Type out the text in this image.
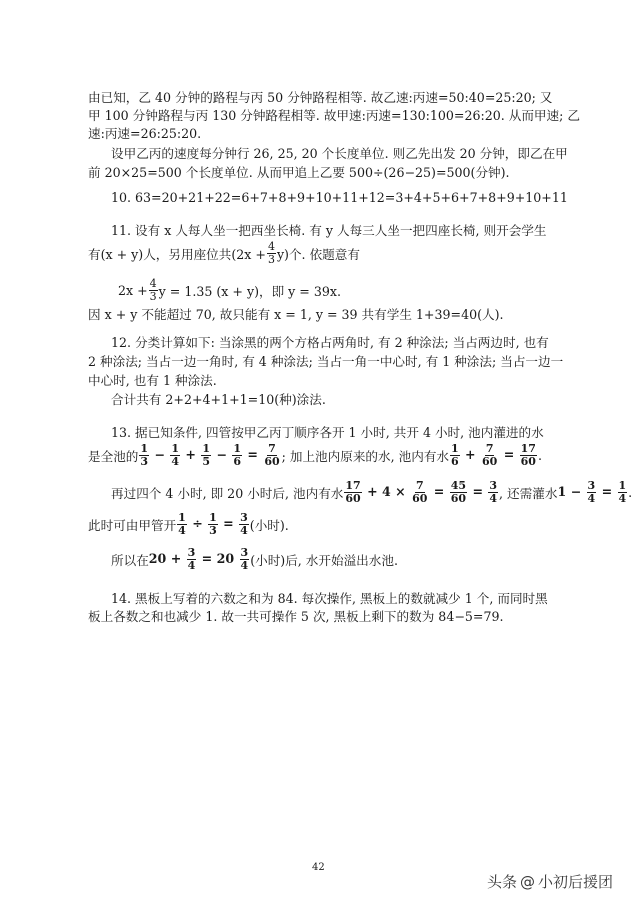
由已知，乙 40 分钟的路程与丙 50 分钟路程相等. 故乙速:丙速=50:40=25:20; 又
甲 100 分钟路程与丙 130 分钟路程相等. 故甲速:丙速=130:100=26:20. 从而甲速; 乙
速:丙速=26:25:20.
设甲乙丙的速度每分钟行 26, 25, 20 个长度单位. 则乙先出发 20 分钟，即乙在甲
前 20×25=500 个长度单位. 从而甲追上乙要 500÷(26−25)=500(分钟).
10. 63=20+21+22=6+7+8+9+10+11+12=3+4+5+6+7+8+9+10+11
11. 设有 x 人每人坐一把西坐长椅. 有 y 人每三人坐一把四座长椅, 则开会学生
有(x + y)人，另用座位共$(2x + \frac{4}{3} y)$个. 依题意有
$2x + \frac{4}{3}$ y = 1.35 (x + y)，即 y = 39x.
因 x + y 不能超过 70, 故只能有 x = 1, y = 39 共有学生 1+39=40(人).
12. 分类计算如下: 当涂黑的两个方格占两角时, 有 2 种涂法; 当占两边时, 也有
2 种涂法; 当占一边一角时, 有 4 种涂法; 当占一角一中心时, 有 1 种涂法; 当占一边一
中心时, 也有 1 种涂法.
合计共有 2+2+4+1+1=10(种)涂法.
13. 据已知条件, 四管按甲乙丙丁顺序各开 1 小时, 共开 4 小时, 池内灌进的水
是全池的 $\frac{1}{3} - \frac{1}{4} + \frac{1}{5} - \frac{1}{6} = \frac{7}{60}$ ; 加上池内原来的水, 池内有水 $\frac{1}{6} + \frac{7}{60} = \frac{17}{60}$ .
再过四个 4 小时, 即 20 小时后, 池内有水 $\frac{17}{60} + 4 \times \frac{7}{60} = \frac{45}{60} = \frac{3}{4}$ , 还需灌水 $1 - \frac{3}{4} = \frac{1}{4}$ .
此时可由甲管开 $\frac{1}{4} \div \frac{1}{3} = \frac{3}{4}$ (小时).
所以在 $20 + \frac{3}{4} = 20 \frac{3}{4}$ (小时)后, 水开始溢出水池.
14. 黑板上写着的六数之和为 84. 每次操作, 黑板上的数就减少 1 个, 而同时黑
板上各数之和也减少 1. 故一共可操作 5 次, 黑板上剩下的数为 84−5=79.
42
头条 @ 小初后援团
